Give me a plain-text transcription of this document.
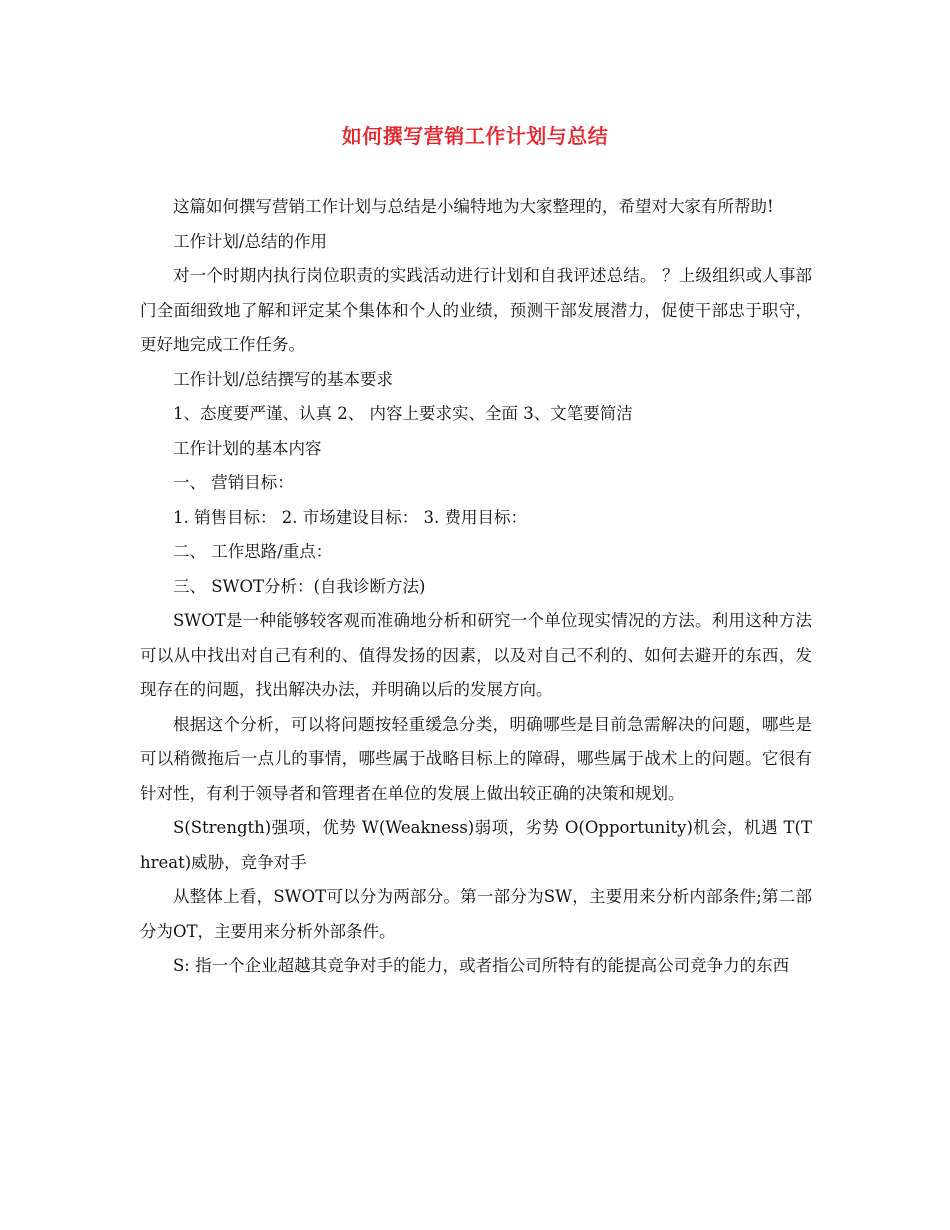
如何撰写营销工作计划与总结

这篇如何撰写营销工作计划与总结是小编特地为大家整理的，希望对大家有所帮助!

工作计划/总结的作用

对一个时期内执行岗位职责的实践活动进行计划和自我评述总结。 ？上级组织或人事部门全面细致地了解和评定某个集体和个人的业绩，预测干部发展潜力，促使干部忠于职守，更好地完成工作任务。

工作计划/总结撰写的基本要求

1、态度要严谨、认真 2、 内容上要求实、全面 3、文笔要简洁

工作计划的基本内容

一、 营销目标：

1. 销售目标： 2. 市场建设目标： 3. 费用目标：

二、 工作思路/重点：

三、 SWOT分析：(自我诊断方法)

SWOT是一种能够较客观而准确地分析和研究一个单位现实情况的方法。利用这种方法可以从中找出对自己有利的、值得发扬的因素，以及对自己不利的、如何去避开的东西，发现存在的问题，找出解决办法，并明确以后的发展方向。

根据这个分析，可以将问题按轻重缓急分类，明确哪些是目前急需解决的问题，哪些是可以稍微拖后一点儿的事情，哪些属于战略目标上的障碍，哪些属于战术上的问题。它很有针对性，有利于领导者和管理者在单位的发展上做出较正确的决策和规划。

S(Strength)强项，优势 W(Weakness)弱项，劣势 O(Opportunity)机会，机遇 T(Threat)威胁，竞争对手

从整体上看，SWOT可以分为两部分。第一部分为SW，主要用来分析内部条件;第二部分为OT，主要用来分析外部条件。

S: 指一个企业超越其竞争对手的能力，或者指公司所特有的能提高公司竞争力的东西
